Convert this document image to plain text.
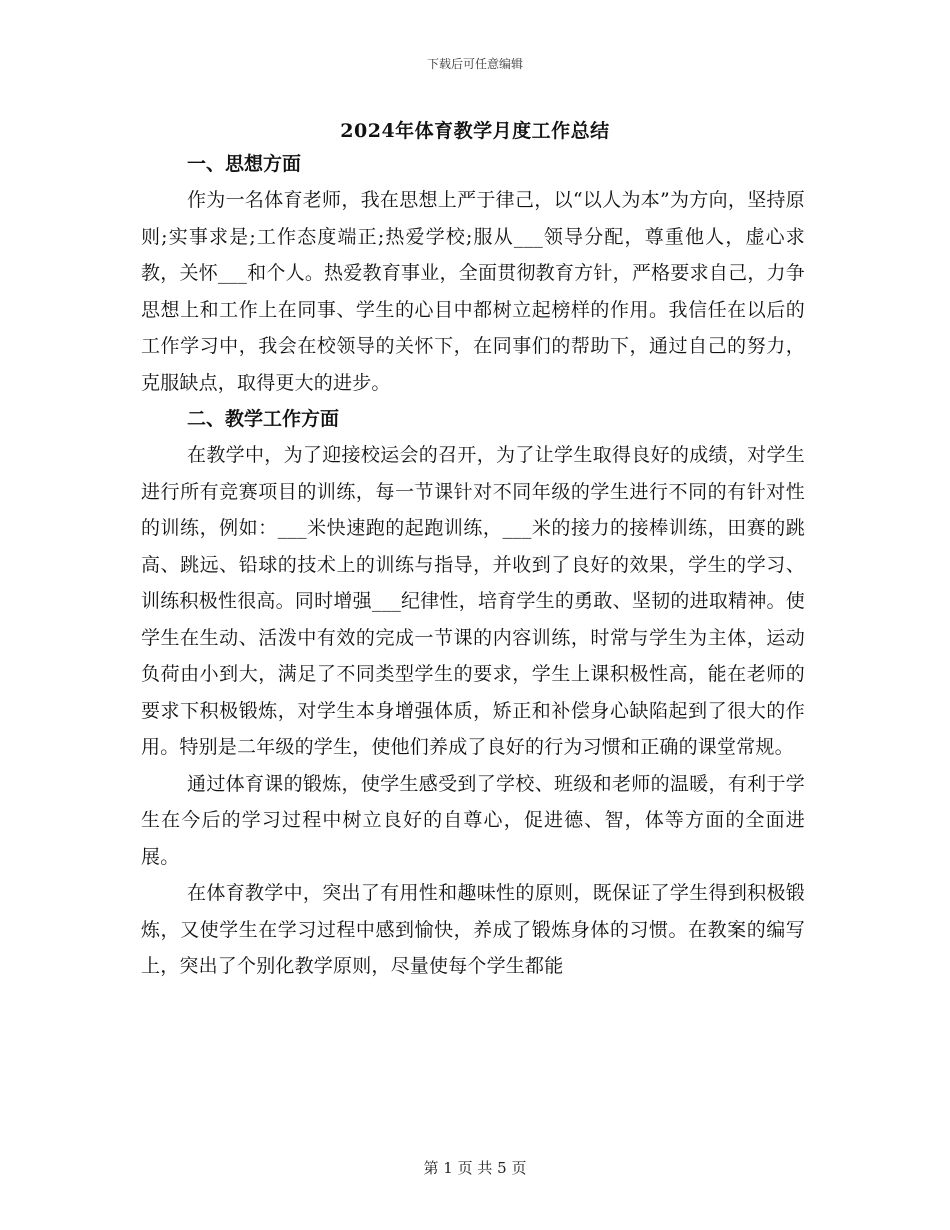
下载后可任意编辑
2024年体育教学月度工作总结
一、思想方面

作为一名体育老师，我在思想上严于律己，以“以人为本”为方向，坚持原则;实事求是;工作态度端正;热爱学校;服从___领导分配，尊重他人，虚心求教，关怀___和个人。热爱教育事业，全面贯彻教育方针，严格要求自己，力争思想上和工作上在同事、学生的心目中都树立起榜样的作用。我信任在以后的工作学习中，我会在校领导的关怀下，在同事们的帮助下，通过自己的努力，克服缺点，取得更大的进步。

二、教学工作方面

在教学中，为了迎接校运会的召开，为了让学生取得良好的成绩，对学生进行所有竞赛项目的训练，每一节课针对不同年级的学生进行不同的有针对性的训练，例如：___米快速跑的起跑训练，___米的接力的接棒训练，田赛的跳高、跳远、铅球的技术上的训练与指导，并收到了良好的效果，学生的学习、训练积极性很高。同时增强___纪律性，培育学生的勇敢、坚韧的进取精神。使学生在生动、活泼中有效的完成一节课的内容训练，时常与学生为主体，运动负荷由小到大，满足了不同类型学生的要求，学生上课积极性高，能在老师的要求下积极锻炼，对学生本身增强体质，矫正和补偿身心缺陷起到了很大的作用。特别是二年级的学生，使他们养成了良好的行为习惯和正确的课堂常规。

通过体育课的锻炼，使学生感受到了学校、班级和老师的温暖，有利于学生在今后的学习过程中树立良好的自尊心，促进德、智，体等方面的全面进展。

在体育教学中，突出了有用性和趣味性的原则，既保证了学生得到积极锻炼，又使学生在学习过程中感到愉快，养成了锻炼身体的习惯。在教案的编写上，突出了个别化教学原则，尽量使每个学生都能

第 1 页 共 5 页
